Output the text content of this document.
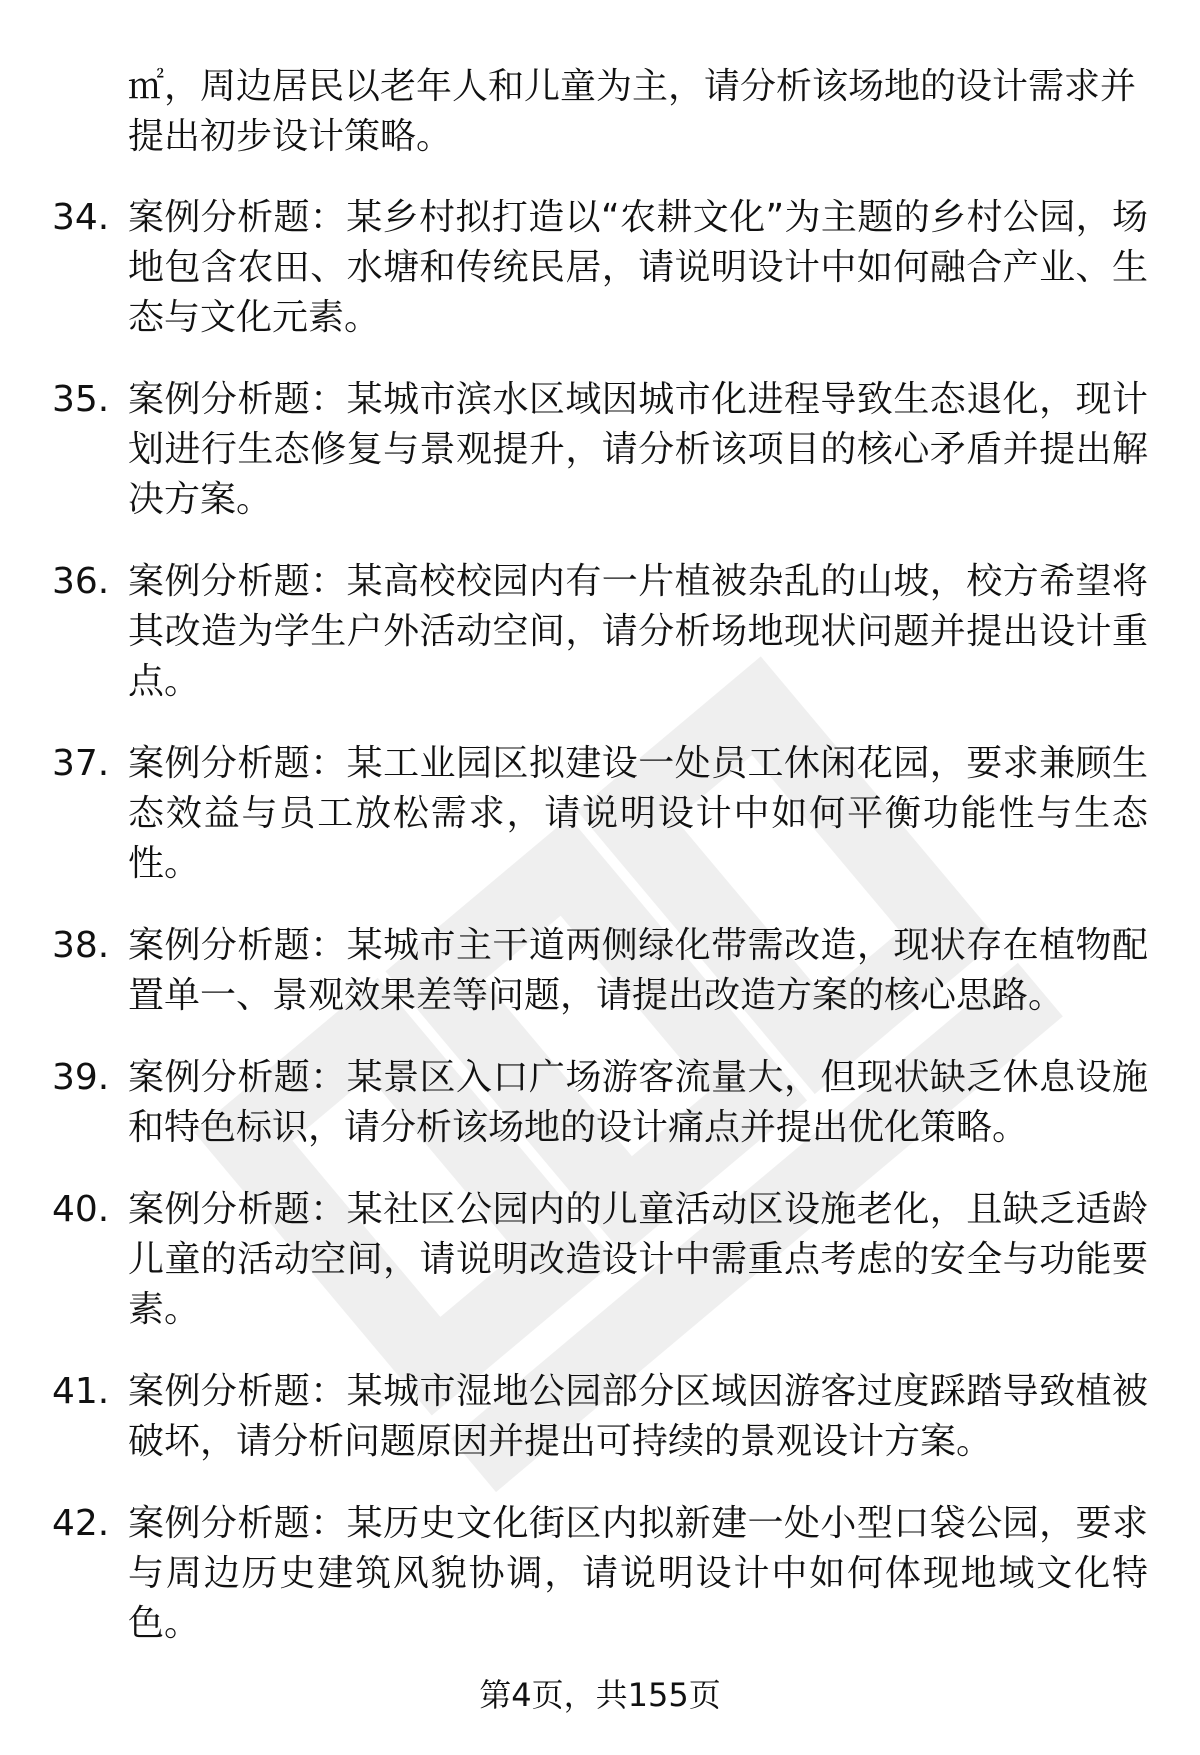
㎡，周边居民以老年人和儿童为主，请分析该场地的设计需求并

提出初步设计策略。

34. 案例分析题：某乡村拟打造以“农耕文化”为主题的乡村公园，场地包含农田、水塘和传统民居，请说明设计中如何融合产业、生态与文化元素。
35. 案例分析题：某城市滨水区域因城市化进程导致生态退化，现计划进行生态修复与景观提升，请分析该项目的核心矛盾并提出解决方案。
36. 案例分析题：某高校校园内有一片植被杂乱的山坡，校方希望将其改造为学生户外活动空间，请分析场地现状问题并提出设计重点。
37. 案例分析题：某工业园区拟建设一处员工休闲花园，要求兼顾生态效益与员工放松需求，请说明设计中如何平衡功能性与生态性。
38. 案例分析题：某城市主干道两侧绿化带需改造，现状存在植物配置单一、景观效果差等问题，请提出改造方案的核心思路。
39. 案例分析题：某景区入口广场游客流量大，但现状缺乏休息设施和特色标识，请分析该场地的设计痛点并提出优化策略。
40. 案例分析题：某社区公园内的儿童活动区设施老化，且缺乏适龄儿童的活动空间，请说明改造设计中需重点考虑的安全与功能要素。
41. 案例分析题：某城市湿地公园部分区域因游客过度踩踏导致植被破坏，请分析问题原因并提出可持续的景观设计方案。
42. 案例分析题：某历史文化街区内拟新建一处小型口袋公园，要求与周边历史建筑风貌协调，请说明设计中如何体现地域文化特色。
第4页，共155页
